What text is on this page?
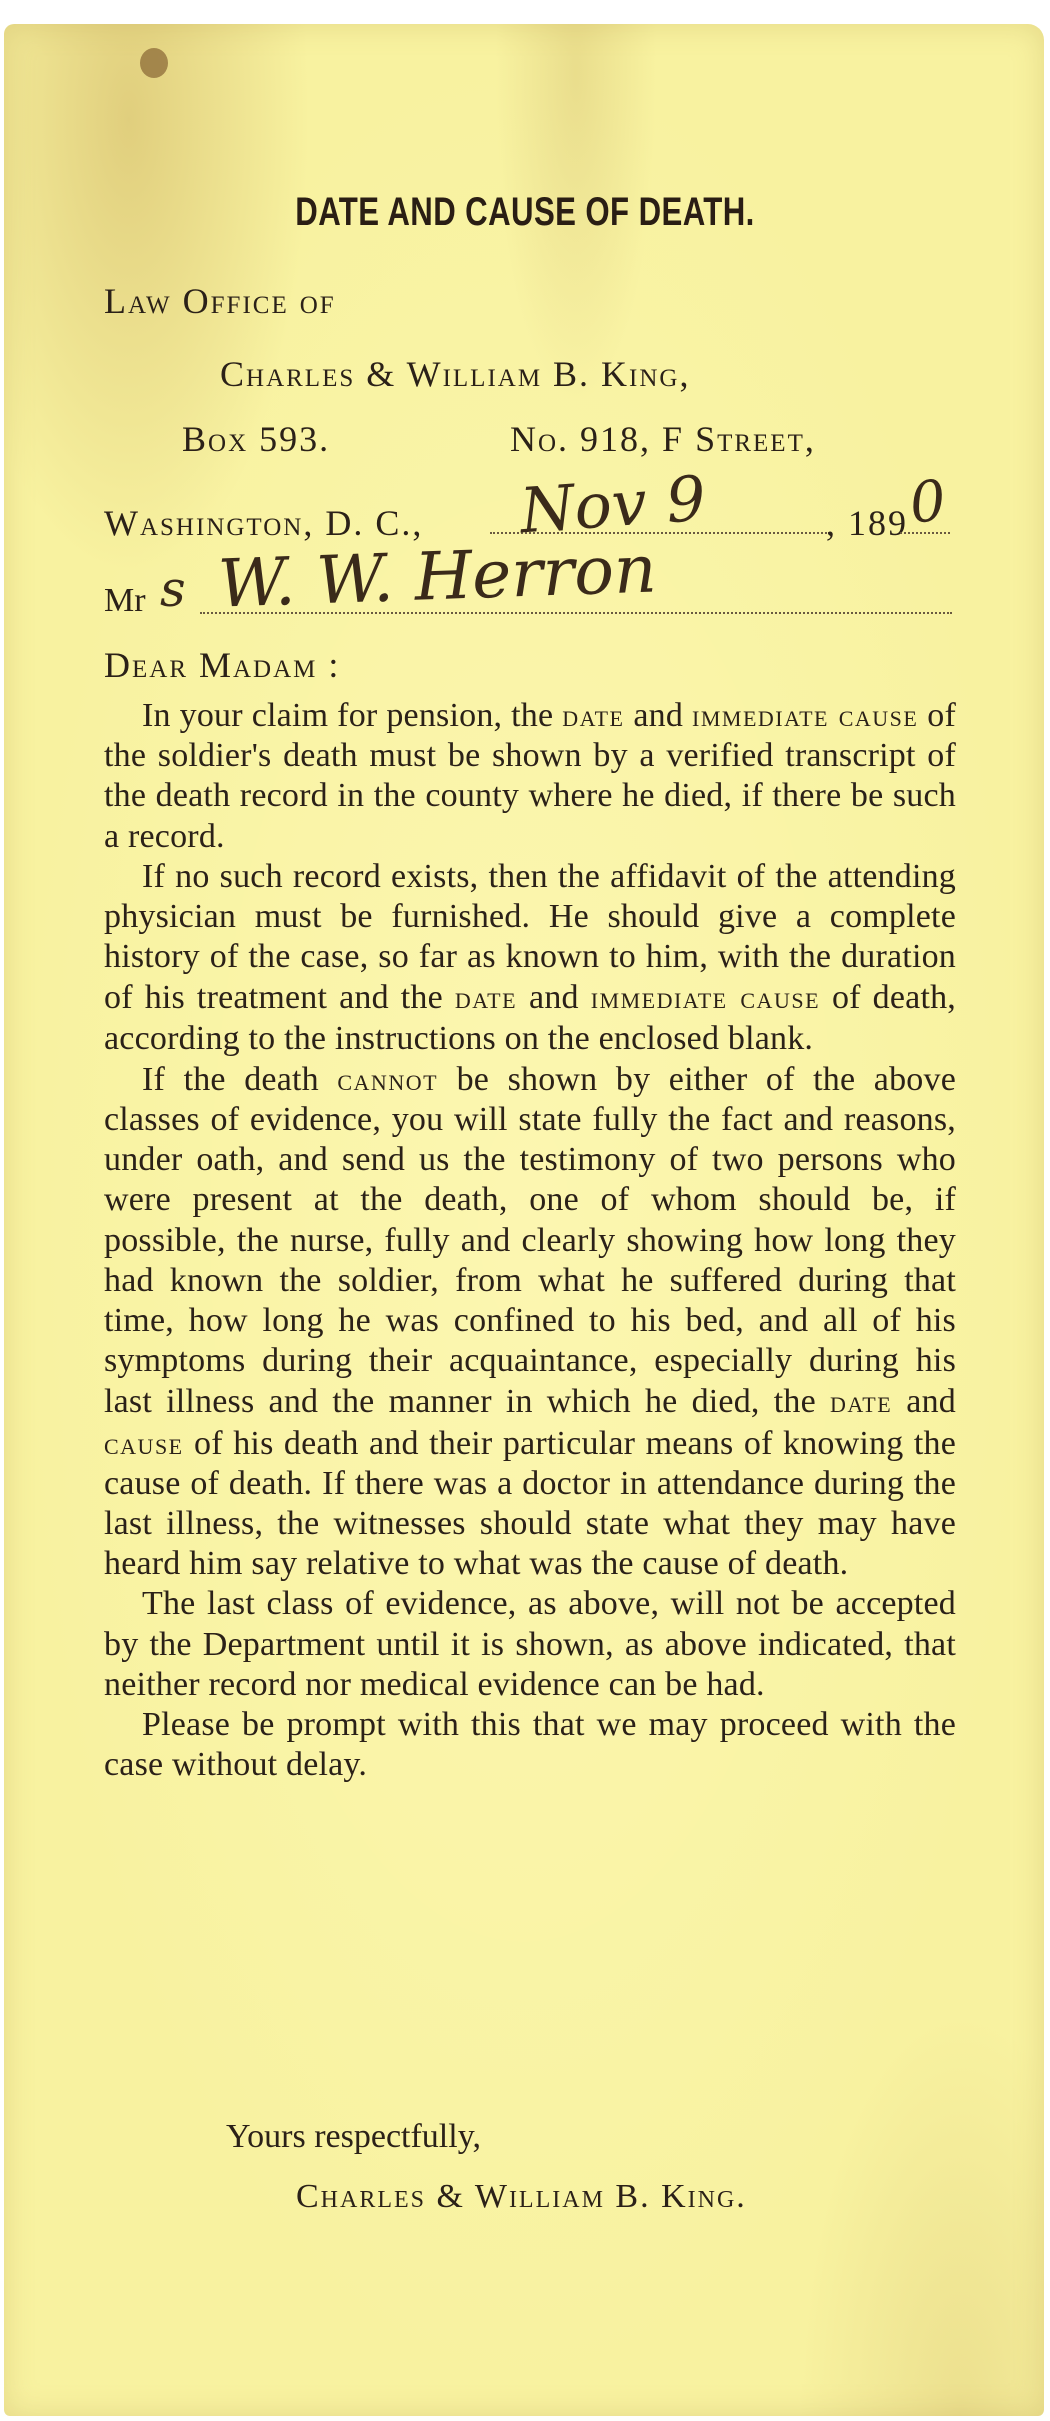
DATE AND CAUSE OF DEATH.
Law Office of
Charles & William B. King,
Box 593.	No. 918, F Street,
Washington, D. C., Nov 9	, 189
0
Mr s W. W. Herron
Dear Madam :

In your claim for pension, the date and immediate cause of the soldier's death must be shown by a verified transcript of the death record in the county where he died, if there be such a record.

If no such record exists, then the affidavit of the attending physician must be furnished. He should give a complete history of the case, so far as known to him, with the duration of his treatment and the date and immediate cause of death, according to the instructions on the enclosed blank.

If the death cannot be shown by either of the above classes of evidence, you will state fully the fact and reasons, under oath, and send us the testimony of two persons who were present at the death, one of whom should be, if possible, the nurse, fully and clearly showing how long they had known the soldier, from what he suffered during that time, how long he was confined to his bed, and all of his symptoms during their acquaintance, especially during his last illness and the manner in which he died, the date and cause of his death and their particular means of knowing the cause of death. If there was a doctor in attendance during the last illness, the witnesses should state what they may have heard him say relative to what was the cause of death.

The last class of evidence, as above, will not be accepted by the Department until it is shown, as above indicated, that neither record nor medical evidence can be had.

Please be prompt with this that we may proceed with the case without delay.

Yours respectfully,
Charles & William B. King.
